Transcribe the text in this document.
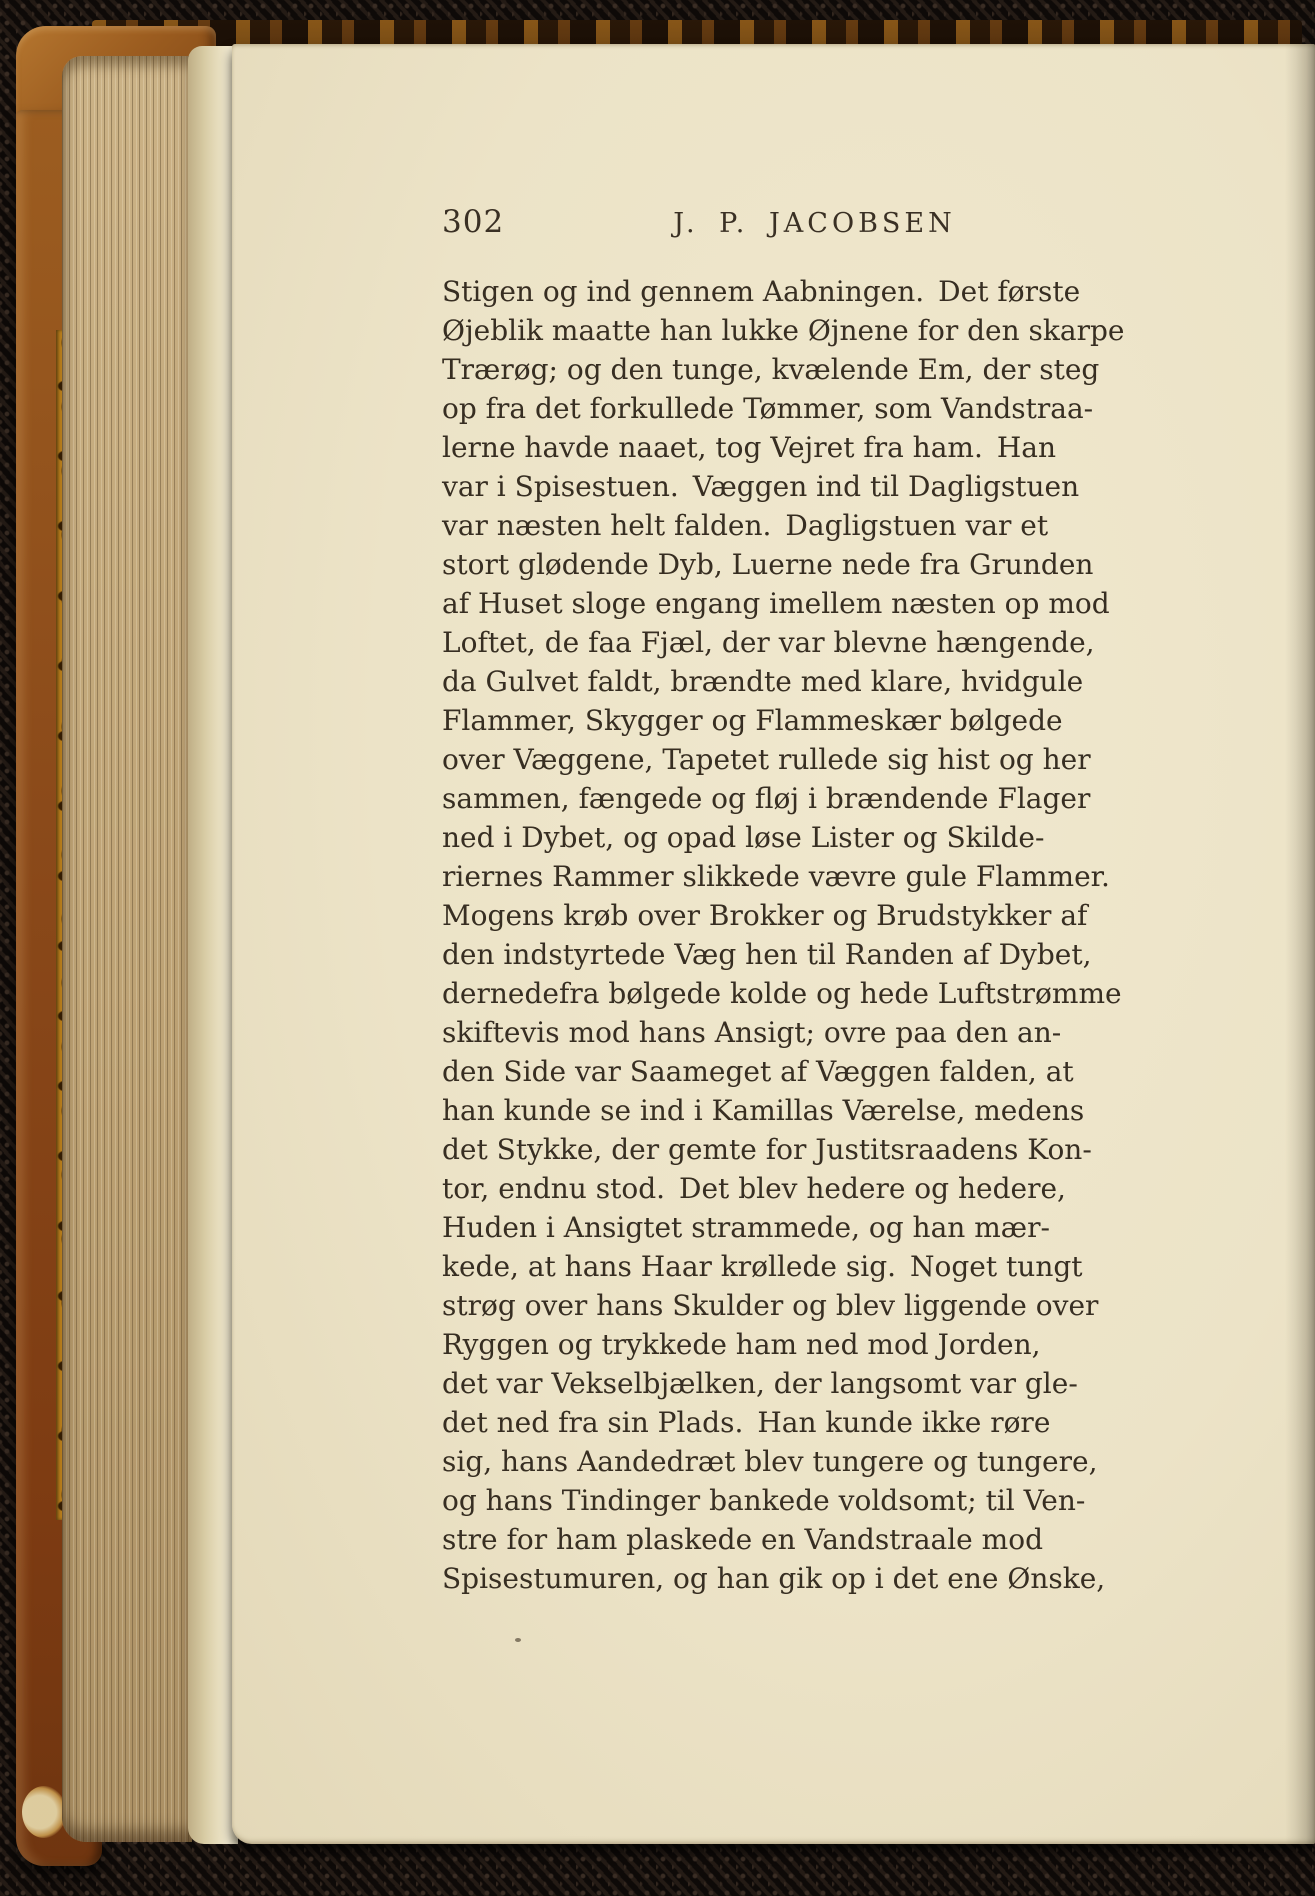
302	J. P. JACOBSEN
Stigen og ind gennem Aabningen. Det første
Øjeblik maatte han lukke Øjnene for den skarpe
Trærøg; og den tunge, kvælende Em, der steg
op fra det forkullede Tømmer, som Vandstraa-
lerne havde naaet, tog Vejret fra ham. Han
var i Spisestuen. Væggen ind til Dagligstuen
var næsten helt falden. Dagligstuen var et
stort glødende Dyb, Luerne nede fra Grunden
af Huset sloge engang imellem næsten op mod
Loftet, de faa Fjæl, der var blevne hængende,
da Gulvet faldt, brændte med klare, hvidgule
Flammer, Skygger og Flammeskær bølgede
over Væggene, Tapetet rullede sig hist og her
sammen, fængede og fløj i brændende Flager
ned i Dybet, og opad løse Lister og Skilde-
riernes Rammer slikkede vævre gule Flammer.
Mogens krøb over Brokker og Brudstykker af
den indstyrtede Væg hen til Randen af Dybet,
dernedefra bølgede kolde og hede Luftstrømme
skiftevis mod hans Ansigt; ovre paa den an-
den Side var Saameget af Væggen falden, at
han kunde se ind i Kamillas Værelse, medens
det Stykke, der gemte for Justitsraadens Kon-
tor, endnu stod. Det blev hedere og hedere,
Huden i Ansigtet strammede, og han mær-
kede, at hans Haar krøllede sig. Noget tungt
strøg over hans Skulder og blev liggende over
Ryggen og trykkede ham ned mod Jorden,
det var Vekselbjælken, der langsomt var gle-
det ned fra sin Plads. Han kunde ikke røre
sig, hans Aandedræt blev tungere og tungere,
og hans Tindinger bankede voldsomt; til Ven-
stre for ham plaskede en Vandstraale mod
Spisestumuren, og han gik op i det ene Ønske,
